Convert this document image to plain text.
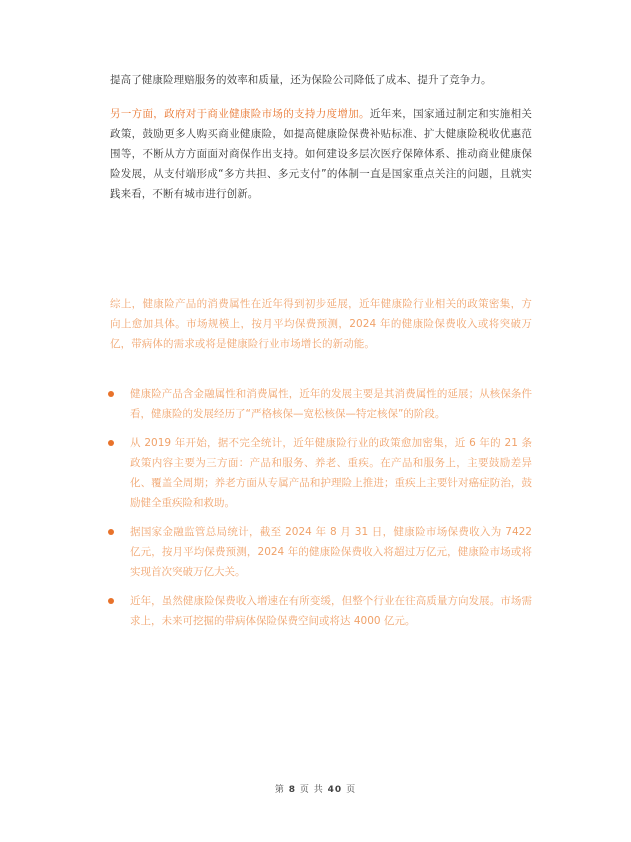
提高了健康险理赔服务的效率和质量，还为保险公司降低了成本、提升了竞争力。

另一方面，政府对于商业健康险市场的支持力度增加。近年来，国家通过制定和实施相关政策，鼓励更多人购买商业健康险，如提高健康险保费补贴标准、扩大健康险税收优惠范围等，不断从方方面面对商保作出支持。如何建设多层次医疗保障体系、推动商业健康保险发展，从支付端形成“多方共担、多元支付”的体制一直是国家重点关注的问题，且就实践来看，不断有城市进行创新。

综上，健康险产品的消费属性在近年得到初步延展，近年健康险行业相关的政策密集，方向上愈加具体。市场规模上，按月平均保费预测，2024 年的健康险保费收入或将突破万亿，带病体的需求或将是健康险行业市场增长的新动能。

健康险产品含金融属性和消费属性，近年的发展主要是其消费属性的延展；从核保条件看，健康险的发展经历了“严格核保—宽松核保—特定核保”的阶段。
从 2019 年开始，据不完全统计，近年健康险行业的政策愈加密集，近 6 年的 21 条政策内容主要为三方面：产品和服务、养老、重疾。在产品和服务上，主要鼓励差异化、覆盖全周期；养老方面从专属产品和护理险上推进；重疾上主要针对癌症防治，鼓励健全重疾险和救助。
据国家金融监管总局统计，截至 2024 年 8 月 31 日，健康险市场保费收入为 7422 亿元，按月平均保费预测，2024 年的健康险保费收入将超过万亿元，健康险市场或将实现首次突破万亿大关。
近年，虽然健康险保费收入增速在有所变缓，但整个行业在往高质量方向发展。市场需求上，未来可挖掘的带病体保险保费空间或将达 4000 亿元。
第 8 页 共 40 页
